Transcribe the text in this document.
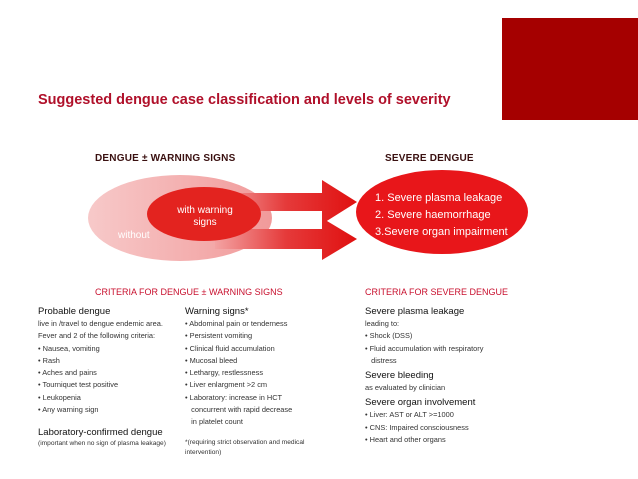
Suggested dengue case classification and levels of severity
DENGUE ± WARNING SIGNS	SEVERE DENGUE
with warning
signs
without
1. Severe plasma leakage
2. Severe haemorrhage
3.Severe organ impairment
CRITERIA FOR DENGUE ± WARNING SIGNS	CRITERIA FOR SEVERE DENGUE
Probable dengue
live in /travel to dengue endemic area.
Fever and 2 of the following criteria:
• Nausea, vomiting
• Rash
• Aches and pains
• Tourniquet test positive
• Leukopenia
• Any warning sign
Laboratory-confirmed dengue
(important when no sign of plasma leakage)
Warning signs*
• Abdominal pain or tenderness
• Persistent vomiting
• Clinical fluid accumulation
• Mucosal bleed
• Lethargy, restlessness
• Liver enlargment >2 cm
• Laboratory: increase in HCT
concurrent with rapid decrease
in platelet count
*(requiring strict observation and medical
intervention)
Severe plasma leakage
leading to:
• Shock (DSS)
• Fluid accumulation with respiratory
distress
Severe bleeding
as evaluated by clinician
Severe organ involvement
• Liver: AST or ALT >=1000
• CNS: Impaired consciousness
• Heart and other organs
